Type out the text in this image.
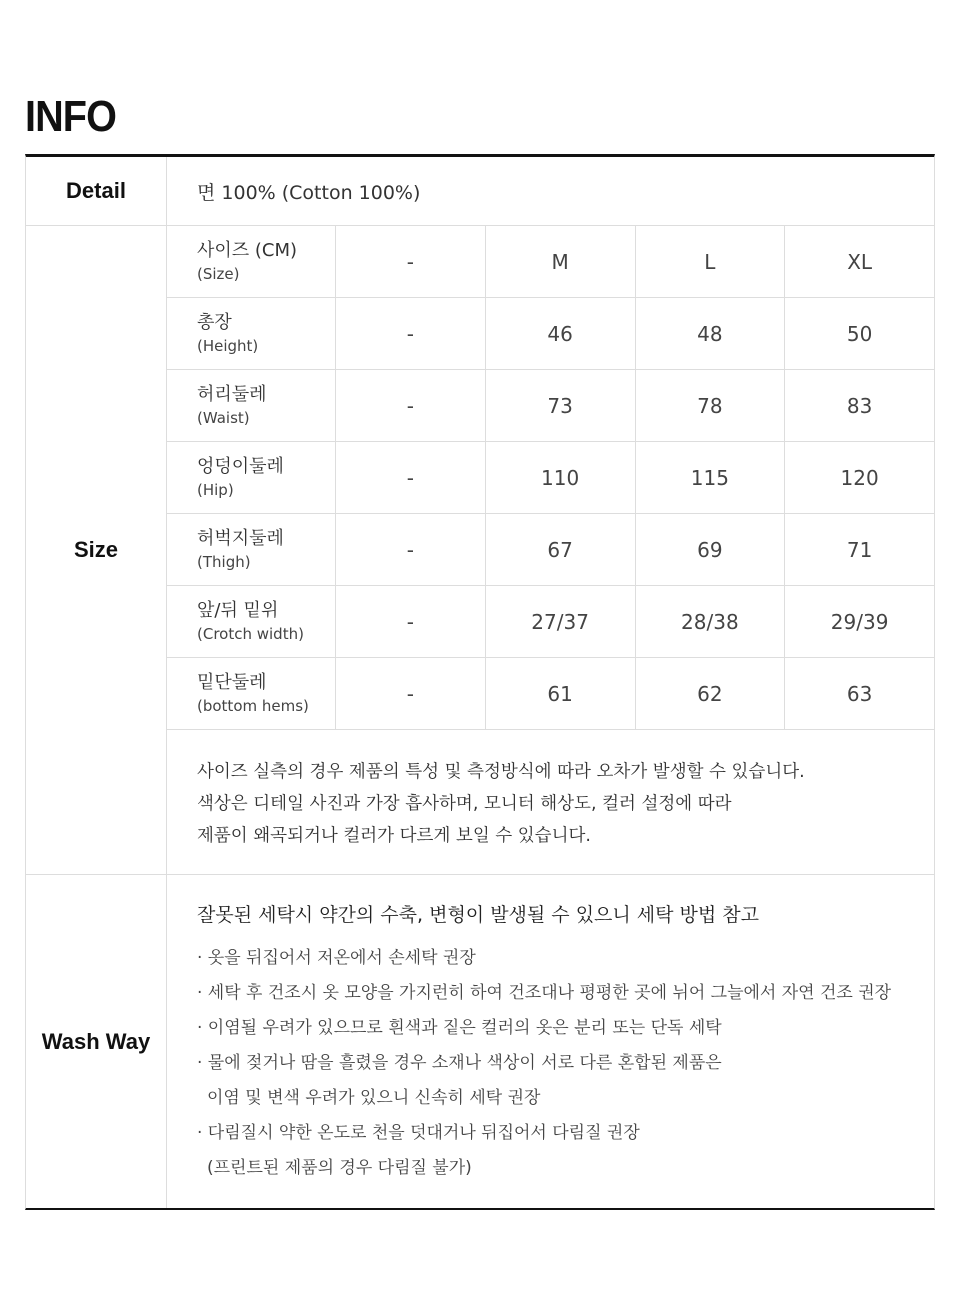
INFO
Detail	면 100% (Cotton 100%)
Size
사이즈 (CM)
(Size)	-	M	L	XL
총장
(Height)	-	46	48	50
허리둘레
(Waist)	-	73	78	83
엉덩이둘레
(Hip)	-	110	115	120
허벅지둘레
(Thigh)	-	67	69	71
앞/뒤 밑위
(Crotch width)	-	27/37	28/38	29/39
밑단둘레
(bottom hems)	-	61	62	63
사이즈 실측의 경우 제품의 특성 및 측정방식에 따라 오차가 발생할 수 있습니다.
색상은 디테일 사진과 가장 흡사하며, 모니터 해상도, 컬러 설정에 따라
제품이 왜곡되거나 컬러가 다르게 보일 수 있습니다.
Wash Way
잘못된 세탁시 약간의 수축, 변형이 발생될 수 있으니 세탁 방법 참고
· 옷을 뒤집어서 저온에서 손세탁 권장
· 세탁 후 건조시 옷 모양을 가지런히 하여 건조대나 평평한 곳에 뉘어 그늘에서 자연 건조 권장
· 이염될 우려가 있으므로 흰색과 짙은 컬러의 옷은 분리 또는 단독 세탁
· 물에 젖거나 땀을 흘렸을 경우 소재나 색상이 서로 다른 혼합된 제품은
이염 및 변색 우려가 있으니 신속히 세탁 권장
· 다림질시 약한 온도로 천을 덧대거나 뒤집어서 다림질 권장
(프린트된 제품의 경우 다림질 불가)
